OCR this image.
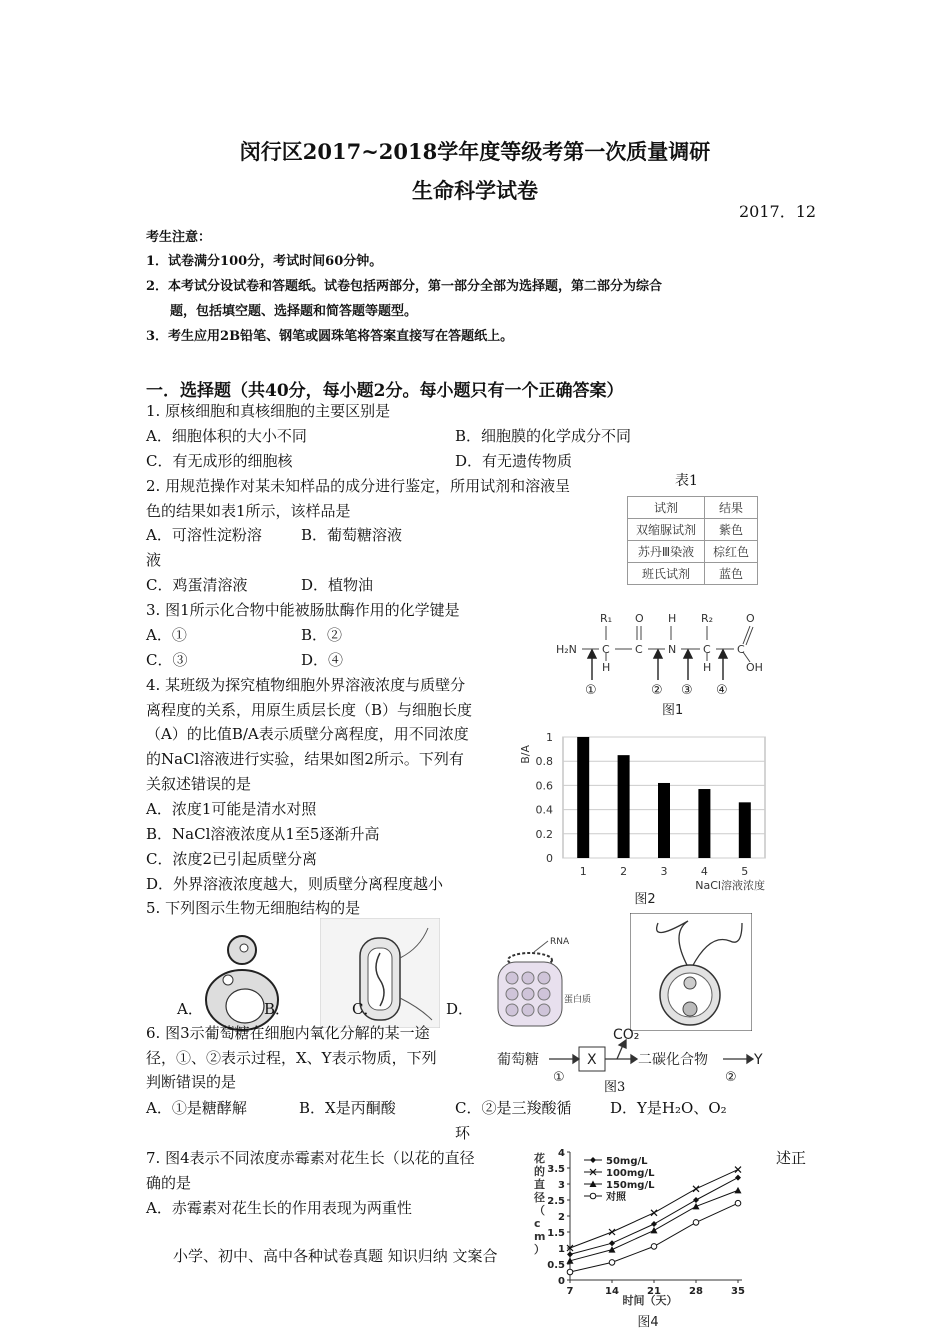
闵行区2017~2018学年度等级考第一次质量调研
生命科学试卷
2017．12
考生注意：
1．试卷满分100分，考试时间60分钟。
2．本考试分设试卷和答题纸。试卷包括两部分，第一部分全部为选择题，第二部分为综合
题，包括填空题、选择题和简答题等题型。
3．考生应用2B铅笔、钢笔或圆珠笔将答案直接写在答题纸上。
一．选择题（共40分，每小题2分。每小题只有一个正确答案）
1. 原核细胞和真核细胞的主要区别是
A．细胞体积的大小不同	B．细胞膜的化学成分不同
C．有无成形的细胞核	D．有无遗传物质
2. 用规范操作对某未知样品的成分进行鉴定，所用试剂和溶液呈
色的结果如表1所示，该样品是
A．可溶性淀粉溶	B．葡萄糖溶液
液
C．鸡蛋清溶液	D．植物油
表1
试剂	结果
双缩脲试剂	紫色
苏丹Ⅲ染液	棕红色
班氏试剂	蓝色
3. 图1所示化合物中能被肠肽酶作用的化学键是
A．①	B．②
C．③	D．④
H₂N
R₁
C
H
O
C
H
N
R₂
C
H
C
O
OH
①	② ③ ④
图1
4. 某班级为探究植物细胞外界溶液浓度与质壁分
离程度的关系，用原生质层长度（B）与细胞长度
（A）的比值B/A表示质壁分离程度，用不同浓度
的NaCl溶液进行实验，结果如图2所示。下列有
关叙述错误的是
A．浓度1可能是清水对照
B．NaCl溶液浓度从1至5逐渐升高
C．浓度2已引起质壁分离
D．外界溶液浓度越大，则质壁分离程度越小
B/A
NaCl溶液浓度
图2
0
0.2
0.4
0.6
0.8
1
1	2	3	4	5
5. 下列图示生物无细胞结构的是
RNA
蛋白质
A．	B．	C．	D．
6. 图3示葡萄糖在细胞内氧化分解的某一途
径，①、②表示过程，X、Y表示物质，下列
判断错误的是
A．①是糖酵解	B．X是丙酮酸	C．②是三羧酸循	D．Y是H₂O、O₂
环
葡萄糖	X
CO₂
二碳化合物	Y
①	②
图3
7. 图4表示不同浓度赤霉素对花生长（以花的直径	述正
确的是
A．赤霉素对花生长的作用表现为两重性
小学、初中、高中各种试卷真题 知识归纳 文案合
花的直径（ c m ）
时间（天）
图4
0
0.5
1
1.5
2
2.5
3
3.5
4
7	14	21	28	35
50mg/L
100mg/L
150mg/L
对照
